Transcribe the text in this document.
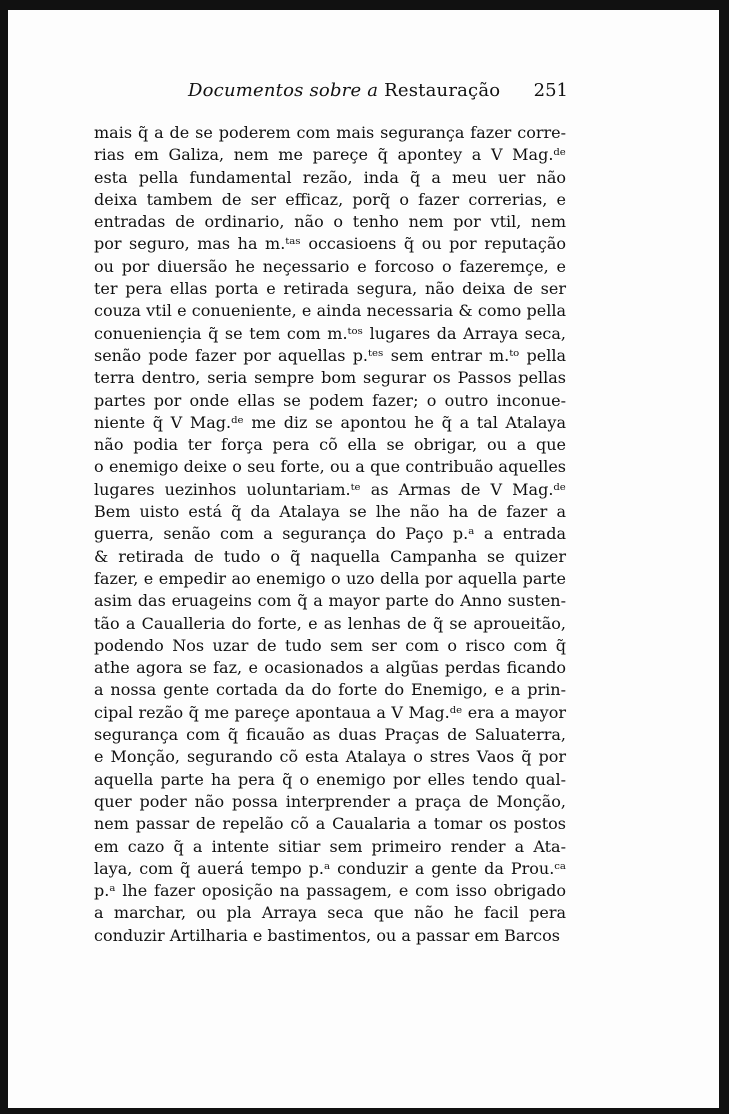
Documentos sobre a Restauração 251
mais q̃ a de se poderem com mais segurança fazer corre-
rias em Galiza, nem me pareçe q̃ apontey a V Mag.ᵈᵉ
esta pella fundamental rezão, inda q̃ a meu uer não
deixa tambem de ser efficaz, porq̃ o fazer correrias, e
entradas de ordinario, não o tenho nem por vtil, nem
por seguro, mas ha m.ᵗᵃˢ occasioens q̃ ou por reputação
ou por diuersão he neçessario e forcoso o fazeremçe, e
ter pera ellas porta e retirada segura, não deixa de ser
couza vtil e conueniente, e ainda necessaria & como pella
conueniençia q̃ se tem com m.ᵗᵒˢ lugares da Arraya seca,
senão pode fazer por aquellas p.ᵗᵉˢ sem entrar m.ᵗᵒ pella
terra dentro, seria sempre bom segurar os Passos pellas
partes por onde ellas se podem fazer; o outro inconue-
niente q̃ V Mag.ᵈᵉ me diz se apontou he q̃ a tal Atalaya
não podia ter força pera cõ ella se obrigar, ou a que
o enemigo deixe o seu forte, ou a que contribuão aquelles
lugares uezinhos uoluntariam.ᵗᵉ as Armas de V Mag.ᵈᵉ
Bem uisto está q̃ da Atalaya se lhe não ha de fazer a
guerra, senão com a segurança do Paço p.ᵃ a entrada
& retirada de tudo o q̃ naquella Campanha se quizer
fazer, e empedir ao enemigo o uzo della por aquella parte
asim das eruageins com q̃ a mayor parte do Anno susten-
tão a Caualleria do forte, e as lenhas de q̃ se aproueitão,
podendo Nos uzar de tudo sem ser com o risco com q̃
athe agora se faz, e ocasionados a algũas perdas ficando
a nossa gente cortada da do forte do Enemigo, e a prin-
cipal rezão q̃ me pareçe apontaua a V Mag.ᵈᵉ era a mayor
segurança com q̃ ficauão as duas Praças de Saluaterra,
e Monção, segurando cõ esta Atalaya o stres Vaos q̃ por
aquella parte ha pera q̃ o enemigo por elles tendo qual-
quer poder não possa interprender a praça de Monção,
nem passar de repelão cõ a Caualaria a tomar os postos
em cazo q̃ a intente sitiar sem primeiro render a Ata-
laya, com q̃ auerá tempo p.ᵃ conduzir a gente da Prou.ᶜᵃ
p.ᵃ lhe fazer oposição na passagem, e com isso obrigado
a marchar, ou pla Arraya seca que não he facil pera
conduzir Artilharia e bastimentos, ou a passar em Barcos
